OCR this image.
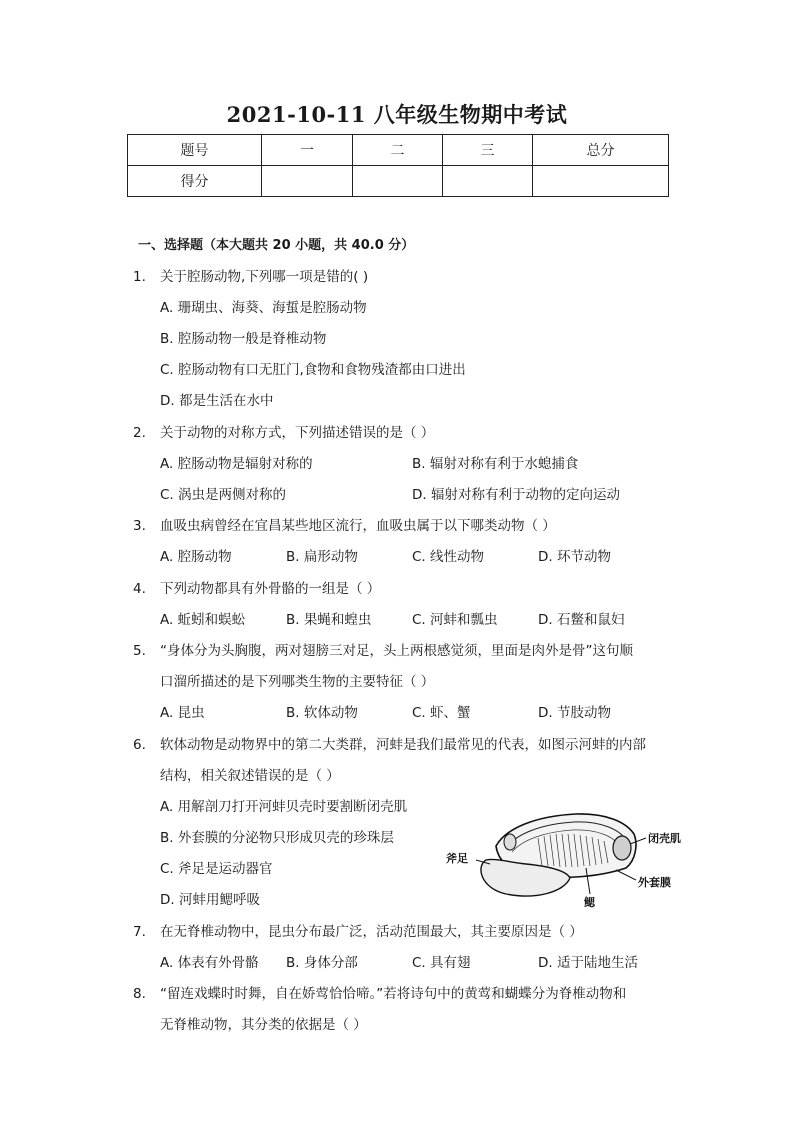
2021-10-11 八年级生物期中考试
题号	一	二	三	总分
得分				
一、选择题（本大题共 20 小题，共 40.0 分）
1. 关于腔肠动物,下列哪一项是错的( )
A. 珊瑚虫、海葵、海蜇是腔肠动物
B. 腔肠动物一般是脊椎动物
C. 腔肠动物有口无肛门,食物和食物残渣都由口进出
D. 都是生活在水中
2. 关于动物的对称方式，下列描述错误的是（ ）
A. 腔肠动物是辐射对称的	B. 辐射对称有利于水螅捕食
C. 涡虫是两侧对称的	D. 辐射对称有利于动物的定向运动
3. 血吸虫病曾经在宜昌某些地区流行，血吸虫属于以下哪类动物（ ）
A. 腔肠动物	B. 扁形动物	C. 线性动物	D. 环节动物
4. 下列动物都具有外骨骼的一组是（ ）
A. 蚯蚓和蜈蚣	B. 果蝇和蝗虫	C. 河蚌和瓢虫	D. 石鳖和鼠妇
5. “身体分为头胸腹，两对翅膀三对足，头上两根感觉须，里面是肉外是骨”这句顺
口溜所描述的是下列哪类生物的主要特征（ ）
A. 昆虫	B. 软体动物	C. 虾、蟹	D. 节肢动物
6. 软体动物是动物界中的第二大类群，河蚌是我们最常见的代表，如图示河蚌的内部
结构，相关叙述错误的是（ ）
A. 用解剖刀打开河蚌贝壳时要割断闭壳肌
B. 外套膜的分泌物只形成贝壳的珍珠层
C. 斧足是运动器官
D. 河蚌用鳃呼吸
闭壳肌
斧足
外套膜
鳃
7. 在无脊椎动物中，昆虫分布最广泛，活动范围最大，其主要原因是（ ）
A. 体表有外骨骼 B. 身体分部	C. 具有翅	D. 适于陆地生活
8. “留连戏蝶时时舞，自在娇莺恰恰啼。”若将诗句中的黄莺和蝴蝶分为脊椎动物和
无脊椎动物，其分类的依据是（ ）
